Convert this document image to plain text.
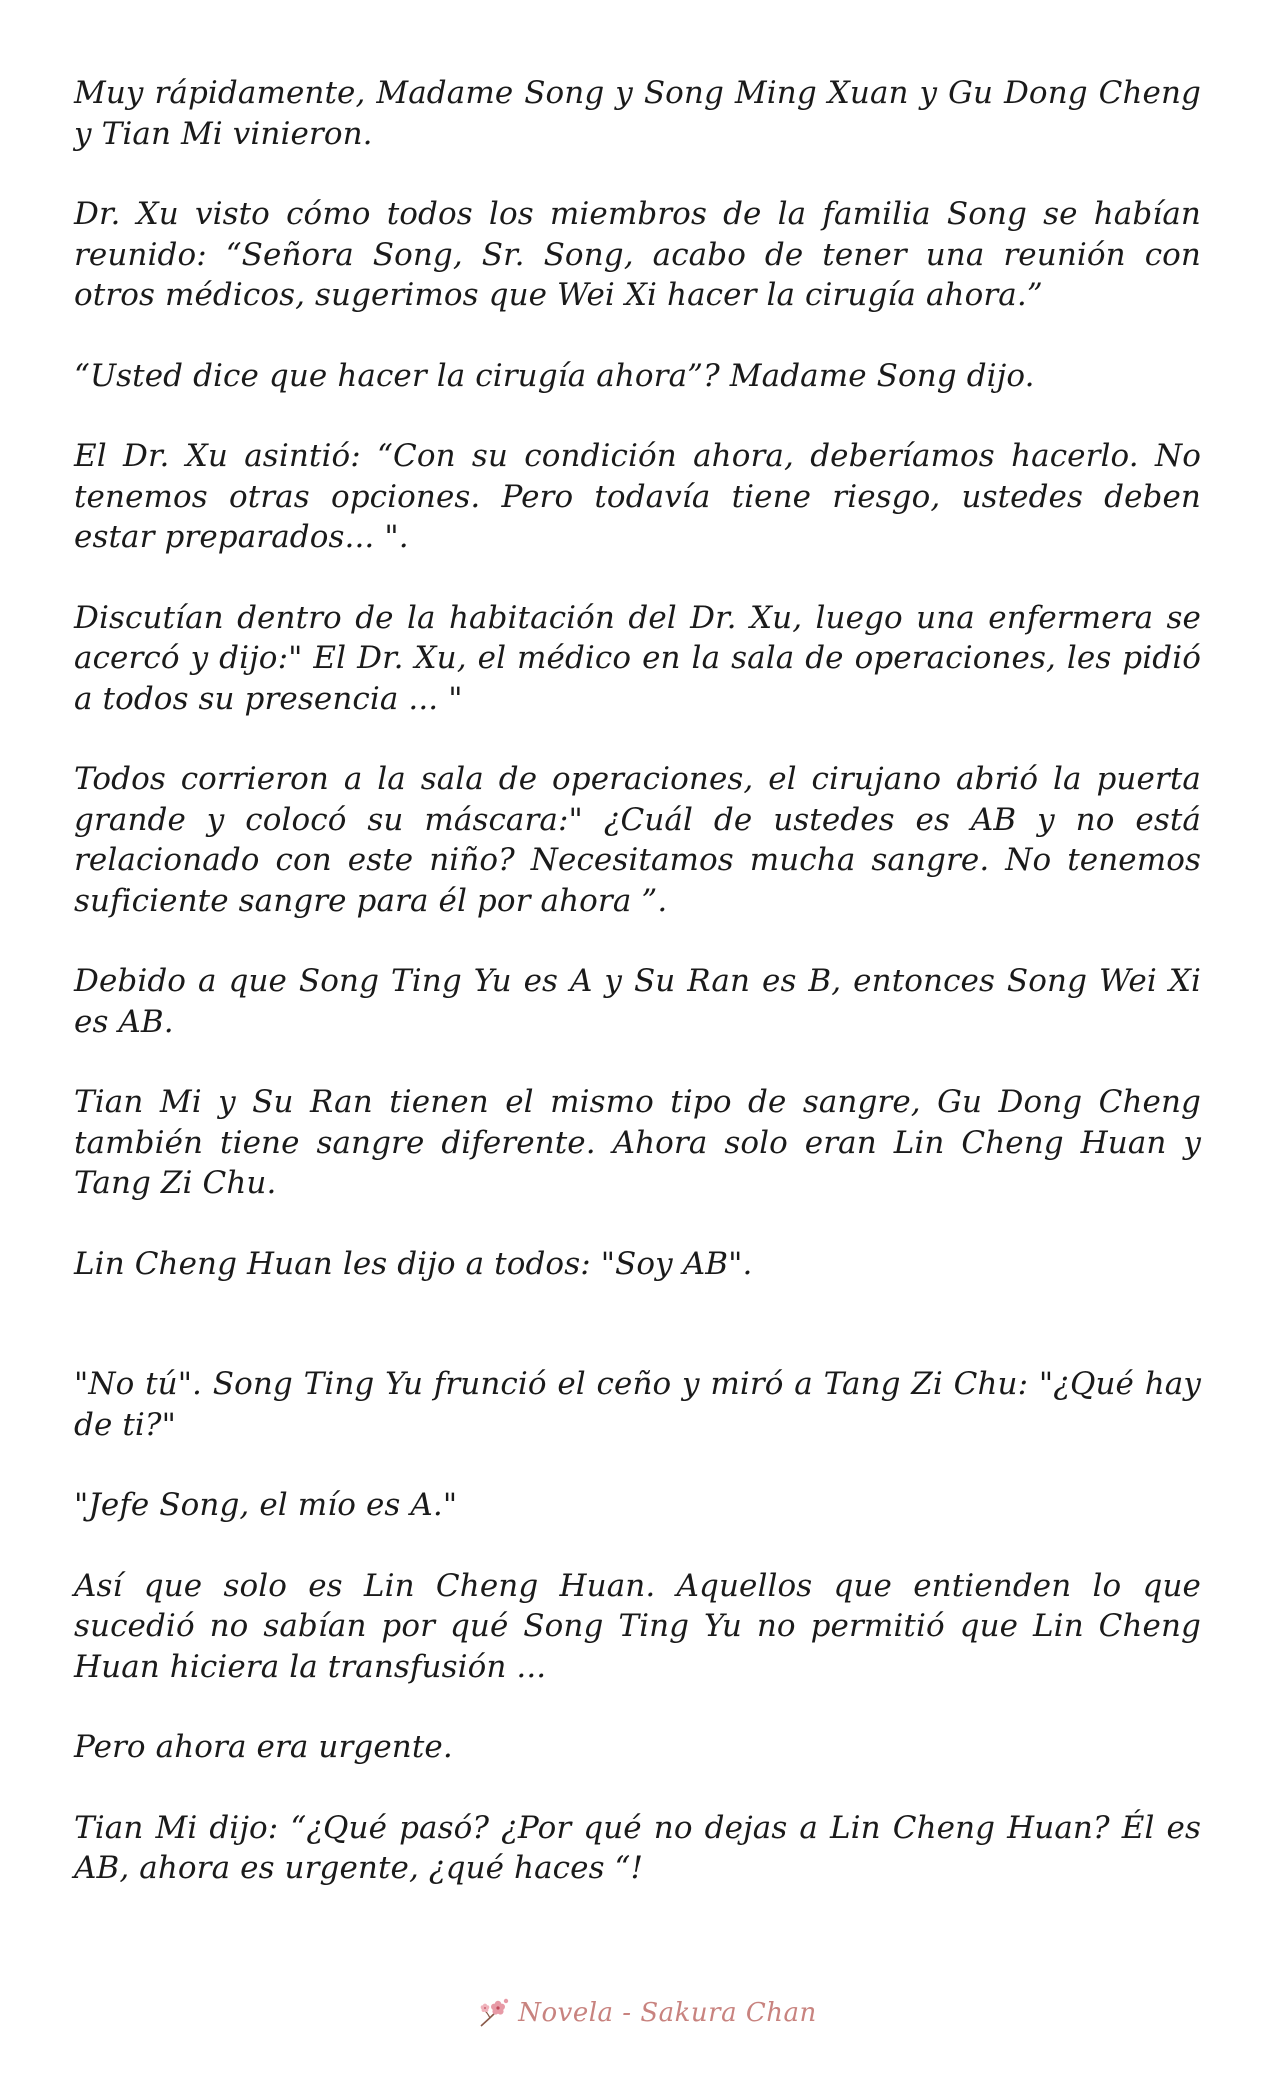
Muy rápidamente, Madame Song y Song Ming Xuan y Gu Dong Cheng y Tian Mi vinieron.

Dr. Xu visto cómo todos los miembros de la familia Song se habían reunido: “Señora Song, Sr. Song, acabo de tener una reunión con otros médicos, sugerimos que Wei Xi hacer la cirugía ahora.”

“Usted dice que hacer la cirugía ahora”? Madame Song dijo.

El Dr. Xu asintió: “Con su condición ahora, deberíamos hacerlo. No tenemos otras opciones. Pero todavía tiene riesgo, ustedes deben estar preparados... ".

Discutían dentro de la habitación del Dr. Xu, luego una enfermera se acercó y dijo:" El Dr. Xu, el médico en la sala de operaciones, les pidió a todos su presencia ... "

Todos corrieron a la sala de operaciones, el cirujano abrió la puerta grande y colocó su máscara:" ¿Cuál de ustedes es AB y no está relacionado con este niño? Necesitamos mucha sangre. No tenemos suficiente sangre para él por ahora ”.

Debido a que Song Ting Yu es A y Su Ran es B, entonces Song Wei Xi es AB.

Tian Mi y Su Ran tienen el mismo tipo de sangre, Gu Dong Cheng también tiene sangre diferente. Ahora solo eran Lin Cheng Huan y Tang Zi Chu.

Lin Cheng Huan les dijo a todos: "Soy AB".

"No tú". Song Ting Yu frunció el ceño y miró a Tang Zi Chu: "¿Qué hay de ti?"

"Jefe Song, el mío es A."

Así que solo es Lin Cheng Huan. Aquellos que entienden lo que sucedió no sabían por qué Song Ting Yu no permitió que Lin Cheng Huan hiciera la transfusión ...

Pero ahora era urgente.

Tian Mi dijo: “¿Qué pasó? ¿Por qué no dejas a Lin Cheng Huan? Él es AB, ahora es urgente, ¿qué haces “!

Novela - Sakura Chan
